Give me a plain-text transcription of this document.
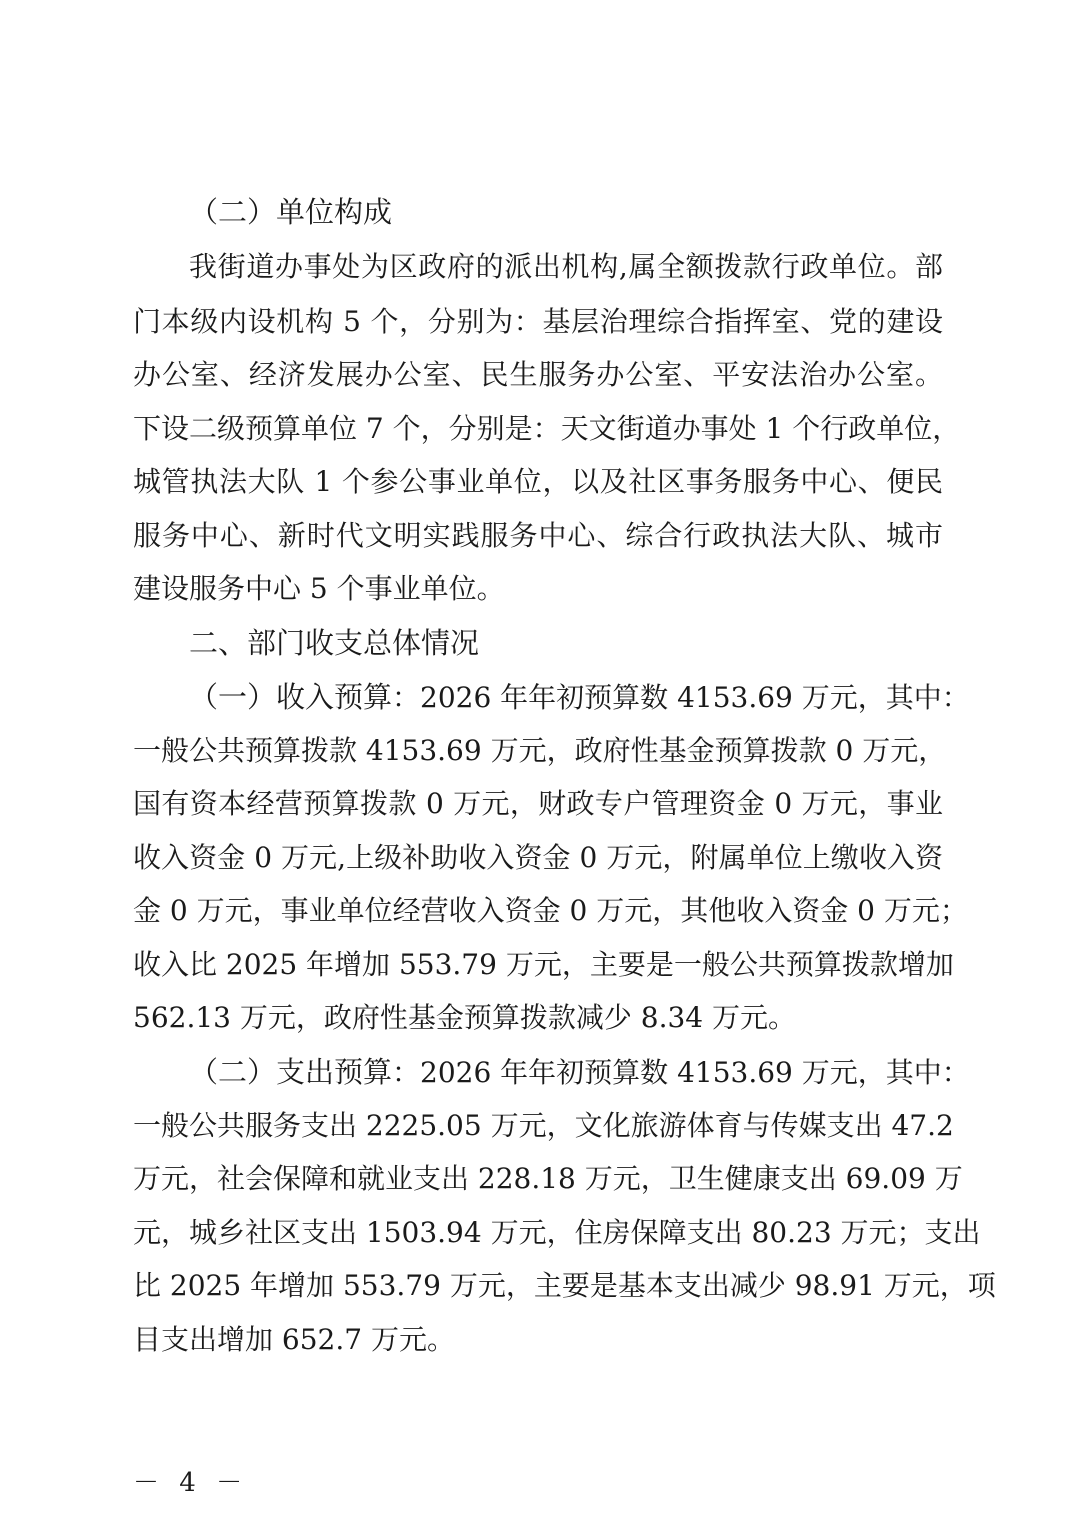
（二）单位构成
我街道办事处为区政府的派出机构,属全额拨款行政单位。部
门本级内设机构 5 个，分别为：基层治理综合指挥室、党的建设
办公室、经济发展办公室、民生服务办公室、平安法治办公室。
下设二级预算单位 7 个，分别是：天文街道办事处 1 个行政单位，
城管执法大队 1 个参公事业单位，以及社区事务服务中心、便民
服务中心、新时代文明实践服务中心、综合行政执法大队、城市
建设服务中心 5 个事业单位。
二、部门收支总体情况
（一）收入预算：2026 年年初预算数 4153.69 万元，其中：
一般公共预算拨款 4153.69 万元，政府性基金预算拨款 0 万元，
国有资本经营预算拨款 0 万元，财政专户管理资金 0 万元，事业
收入资金 0 万元,上级补助收入资金 0 万元，附属单位上缴收入资
金 0 万元，事业单位经营收入资金 0 万元，其他收入资金 0 万元；
收入比 2025 年增加 553.79 万元，主要是一般公共预算拨款增加
562.13 万元，政府性基金预算拨款减少 8.34 万元。
（二）支出预算：2026 年年初预算数 4153.69 万元，其中：
一般公共服务支出 2225.05 万元，文化旅游体育与传媒支出 47.2
万元，社会保障和就业支出 228.18 万元，卫生健康支出 69.09 万
元，城乡社区支出 1503.94 万元，住房保障支出 80.23 万元；支出
比 2025 年增加 553.79 万元，主要是基本支出减少 98.91 万元，项
目支出增加 652.7 万元。
－ 4 －
